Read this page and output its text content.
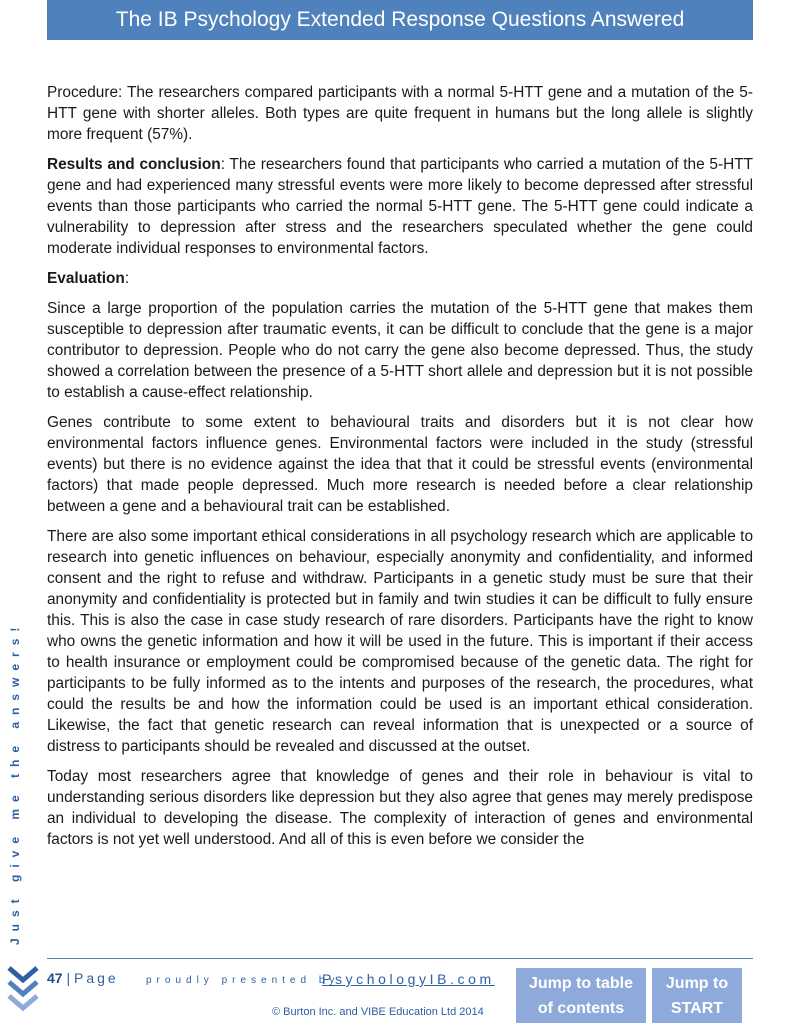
The IB Psychology Extended Response Questions Answered

Procedure: The researchers compared participants with a normal 5-HTT gene and a mutation of the 5-HTT gene with shorter alleles. Both types are quite frequent in humans but the long allele is slightly more frequent (57%).

Results and conclusion: The researchers found that participants who carried a mutation of the 5-HTT gene and had experienced many stressful events were more likely to become depressed after stressful events than those participants who carried the normal 5-HTT gene. The 5-HTT gene could indicate a vulnerability to depression after stress and the researchers speculated whether the gene could moderate individual responses to environmental factors.

Evaluation:

Since a large proportion of the population carries the mutation of the 5-HTT gene that makes them susceptible to depression after traumatic events, it can be difficult to conclude that the gene is a major contributor to depression. People who do not carry the gene also become depressed. Thus, the study showed a correlation between the presence of a 5-HTT short allele and depression but it is not possible to establish a cause-effect relationship.

Genes contribute to some extent to behavioural traits and disorders but it is not clear how environmental factors influence genes. Environmental factors were included in the study (stressful events) but there is no evidence against the idea that that it could be stressful events (environmental factors) that made people depressed. Much more research is needed before a clear relationship between a gene and a behavioural trait can be established.

There are also some important ethical considerations in all psychology research which are applicable to research into genetic influences on behaviour, especially anonymity and confidentiality, and informed consent and the right to refuse and withdraw. Participants in a genetic study must be sure that their anonymity and confidentiality is protected but in family and twin studies it can be difficult to fully ensure this. This is also the case in case study research of rare disorders. Participants have the right to know who owns the genetic information and how it will be used in the future. This is important if their access to health insurance or employment could be compromised because of the genetic data. The right for participants to be fully informed as to the intents and purposes of the research, the procedures, what could the results be and how the information could be used is an important ethical consideration. Likewise, the fact that genetic research can reveal information that is unexpected or a source of distress to participants should be revealed and discussed at the outset.

Today most researchers agree that knowledge of genes and their role in behaviour is vital to understanding serious disorders like depression but they also agree that genes may merely predispose an individual to developing the disease. The complexity of interaction of genes and environmental factors is not yet well understood. And all of this is even before we consider the

Just give me the answers!
47 | Page	proudly presented by
PsychologyIB.com
© Burton Inc. and VIBE Education Ltd 2014
Jump to table
of contents
Jump to
START
